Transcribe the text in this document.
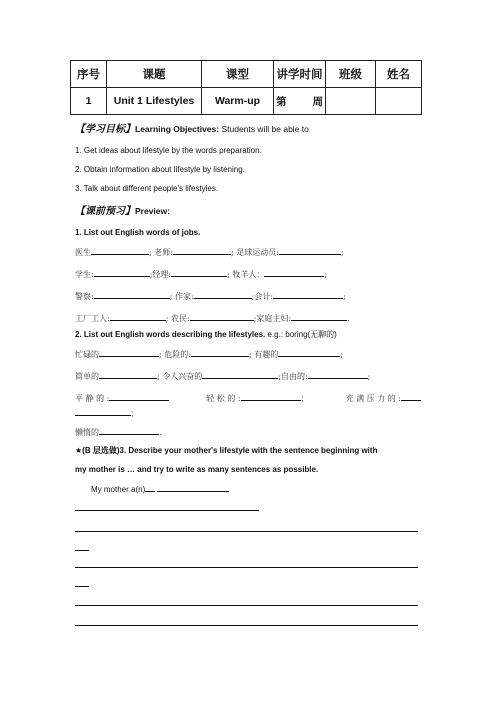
序号	课题	课型	讲学时间	班级	姓名
1	Unit 1 Lifestyles	Warm-up	第 周		
【学习目标】Learning Objectives: Students will be able to
1. Get ideas about lifestyle by the words preparation.
2. Obtain information about lifestyle by listening.
3. Talk about different people's lifestyles.
【课前预习】Preview:
1. List out English words of jobs.
医生	; 老师:	; 足球运动员:	;
学生:	;经理:	; 牧羊人：	;
警察:	; 作家:	;会计:	;
工厂工人:	; 农民:	;家庭主妇:	.
2. List out English words describing the lifestyles. e.g.: boring(无聊的)
忙碌的	; 危险的:	; 有趣的	;
简单的	; 令人兴奋的	;自由的:	;
平 静 的 :	轻 松 的 :	；	充 满 压 力 的 :
;
懒惰的	.
★(B 层选做)3. Describe your mother's lifestyle with the sentence beginning with
my mother is … and try to write as many sentences as possible.
My mother a(n)
